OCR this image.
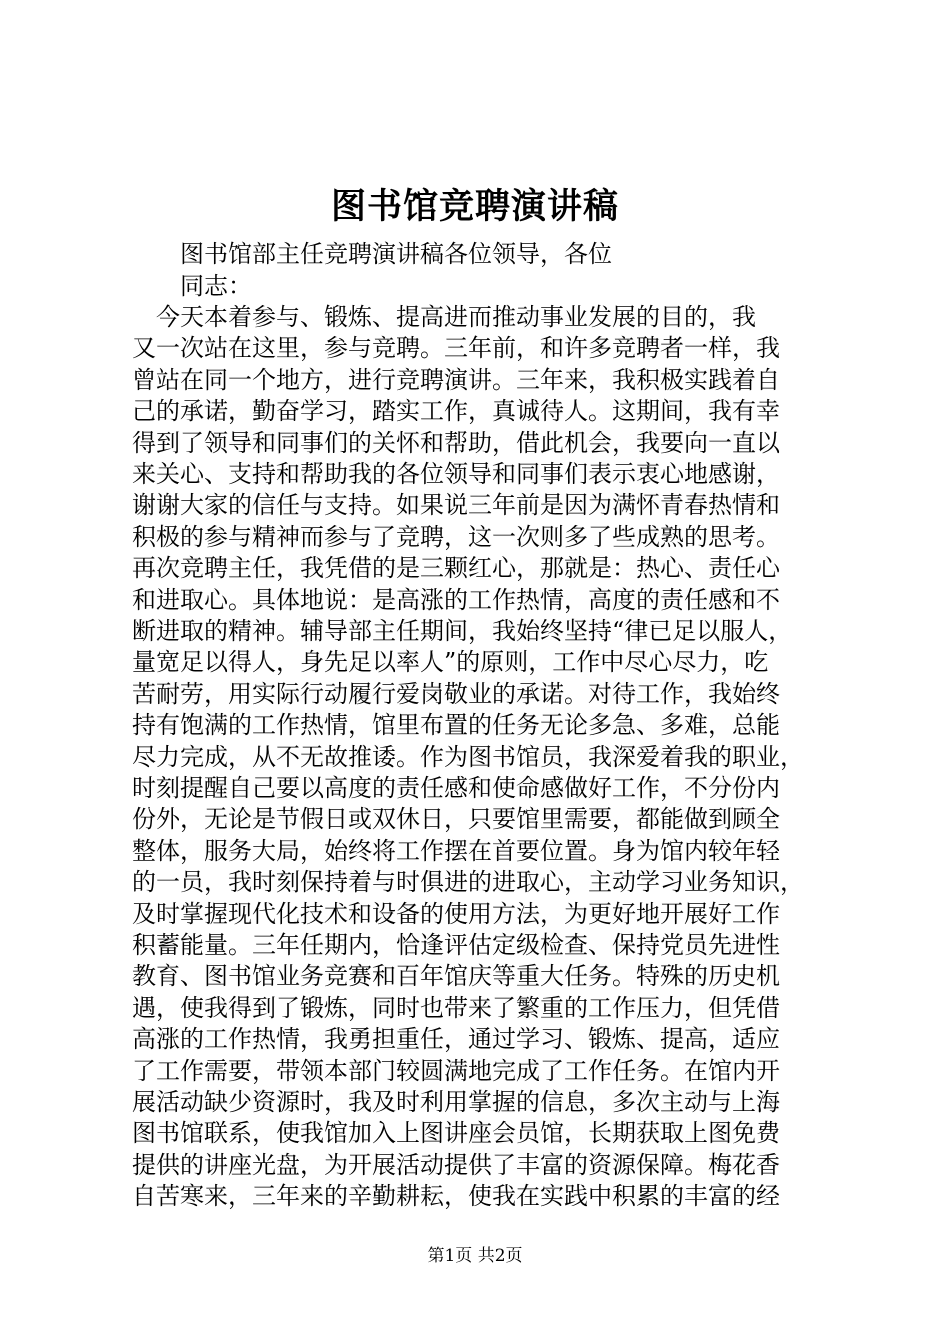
图书馆竞聘演讲稿
图书馆部主任竞聘演讲稿各位领导，各位
同志：
　今天本着参与、锻炼、提高进而推动事业发展的目的，我
又一次站在这里，参与竞聘。三年前，和许多竞聘者一样，我
曾站在同一个地方，进行竞聘演讲。三年来，我积极实践着自
己的承诺，勤奋学习，踏实工作，真诚待人。这期间，我有幸
得到了领导和同事们的关怀和帮助，借此机会，我要向一直以
来关心、支持和帮助我的各位领导和同事们表示衷心地感谢，
谢谢大家的信任与支持。如果说三年前是因为满怀青春热情和
积极的参与精神而参与了竞聘，这一次则多了些成熟的思考。
再次竞聘主任，我凭借的是三颗红心，那就是：热心、责任心
和进取心。具体地说：是高涨的工作热情，高度的责任感和不
断进取的精神。辅导部主任期间，我始终坚持“律已足以服人，
量宽足以得人，身先足以率人”的原则，工作中尽心尽力，吃
苦耐劳，用实际行动履行爱岗敬业的承诺。对待工作，我始终
持有饱满的工作热情，馆里布置的任务无论多急、多难，总能
尽力完成，从不无故推诿。作为图书馆员，我深爱着我的职业，
时刻提醒自己要以高度的责任感和使命感做好工作，不分份内
份外，无论是节假日或双休日，只要馆里需要，都能做到顾全
整体，服务大局，始终将工作摆在首要位置。身为馆内较年轻
的一员，我时刻保持着与时俱进的进取心，主动学习业务知识，
及时掌握现代化技术和设备的使用方法，为更好地开展好工作
积蓄能量。三年任期内，恰逢评估定级检查、保持党员先进性
教育、图书馆业务竞赛和百年馆庆等重大任务。特殊的历史机
遇，使我得到了锻炼，同时也带来了繁重的工作压力，但凭借
高涨的工作热情，我勇担重任，通过学习、锻炼、提高，适应
了工作需要，带领本部门较圆满地完成了工作任务。在馆内开
展活动缺少资源时，我及时利用掌握的信息，多次主动与上海
图书馆联系，使我馆加入上图讲座会员馆，长期获取上图免费
提供的讲座光盘，为开展活动提供了丰富的资源保障。梅花香
自苦寒来，三年来的辛勤耕耘，使我在实践中积累的丰富的经
第1页 共2页
